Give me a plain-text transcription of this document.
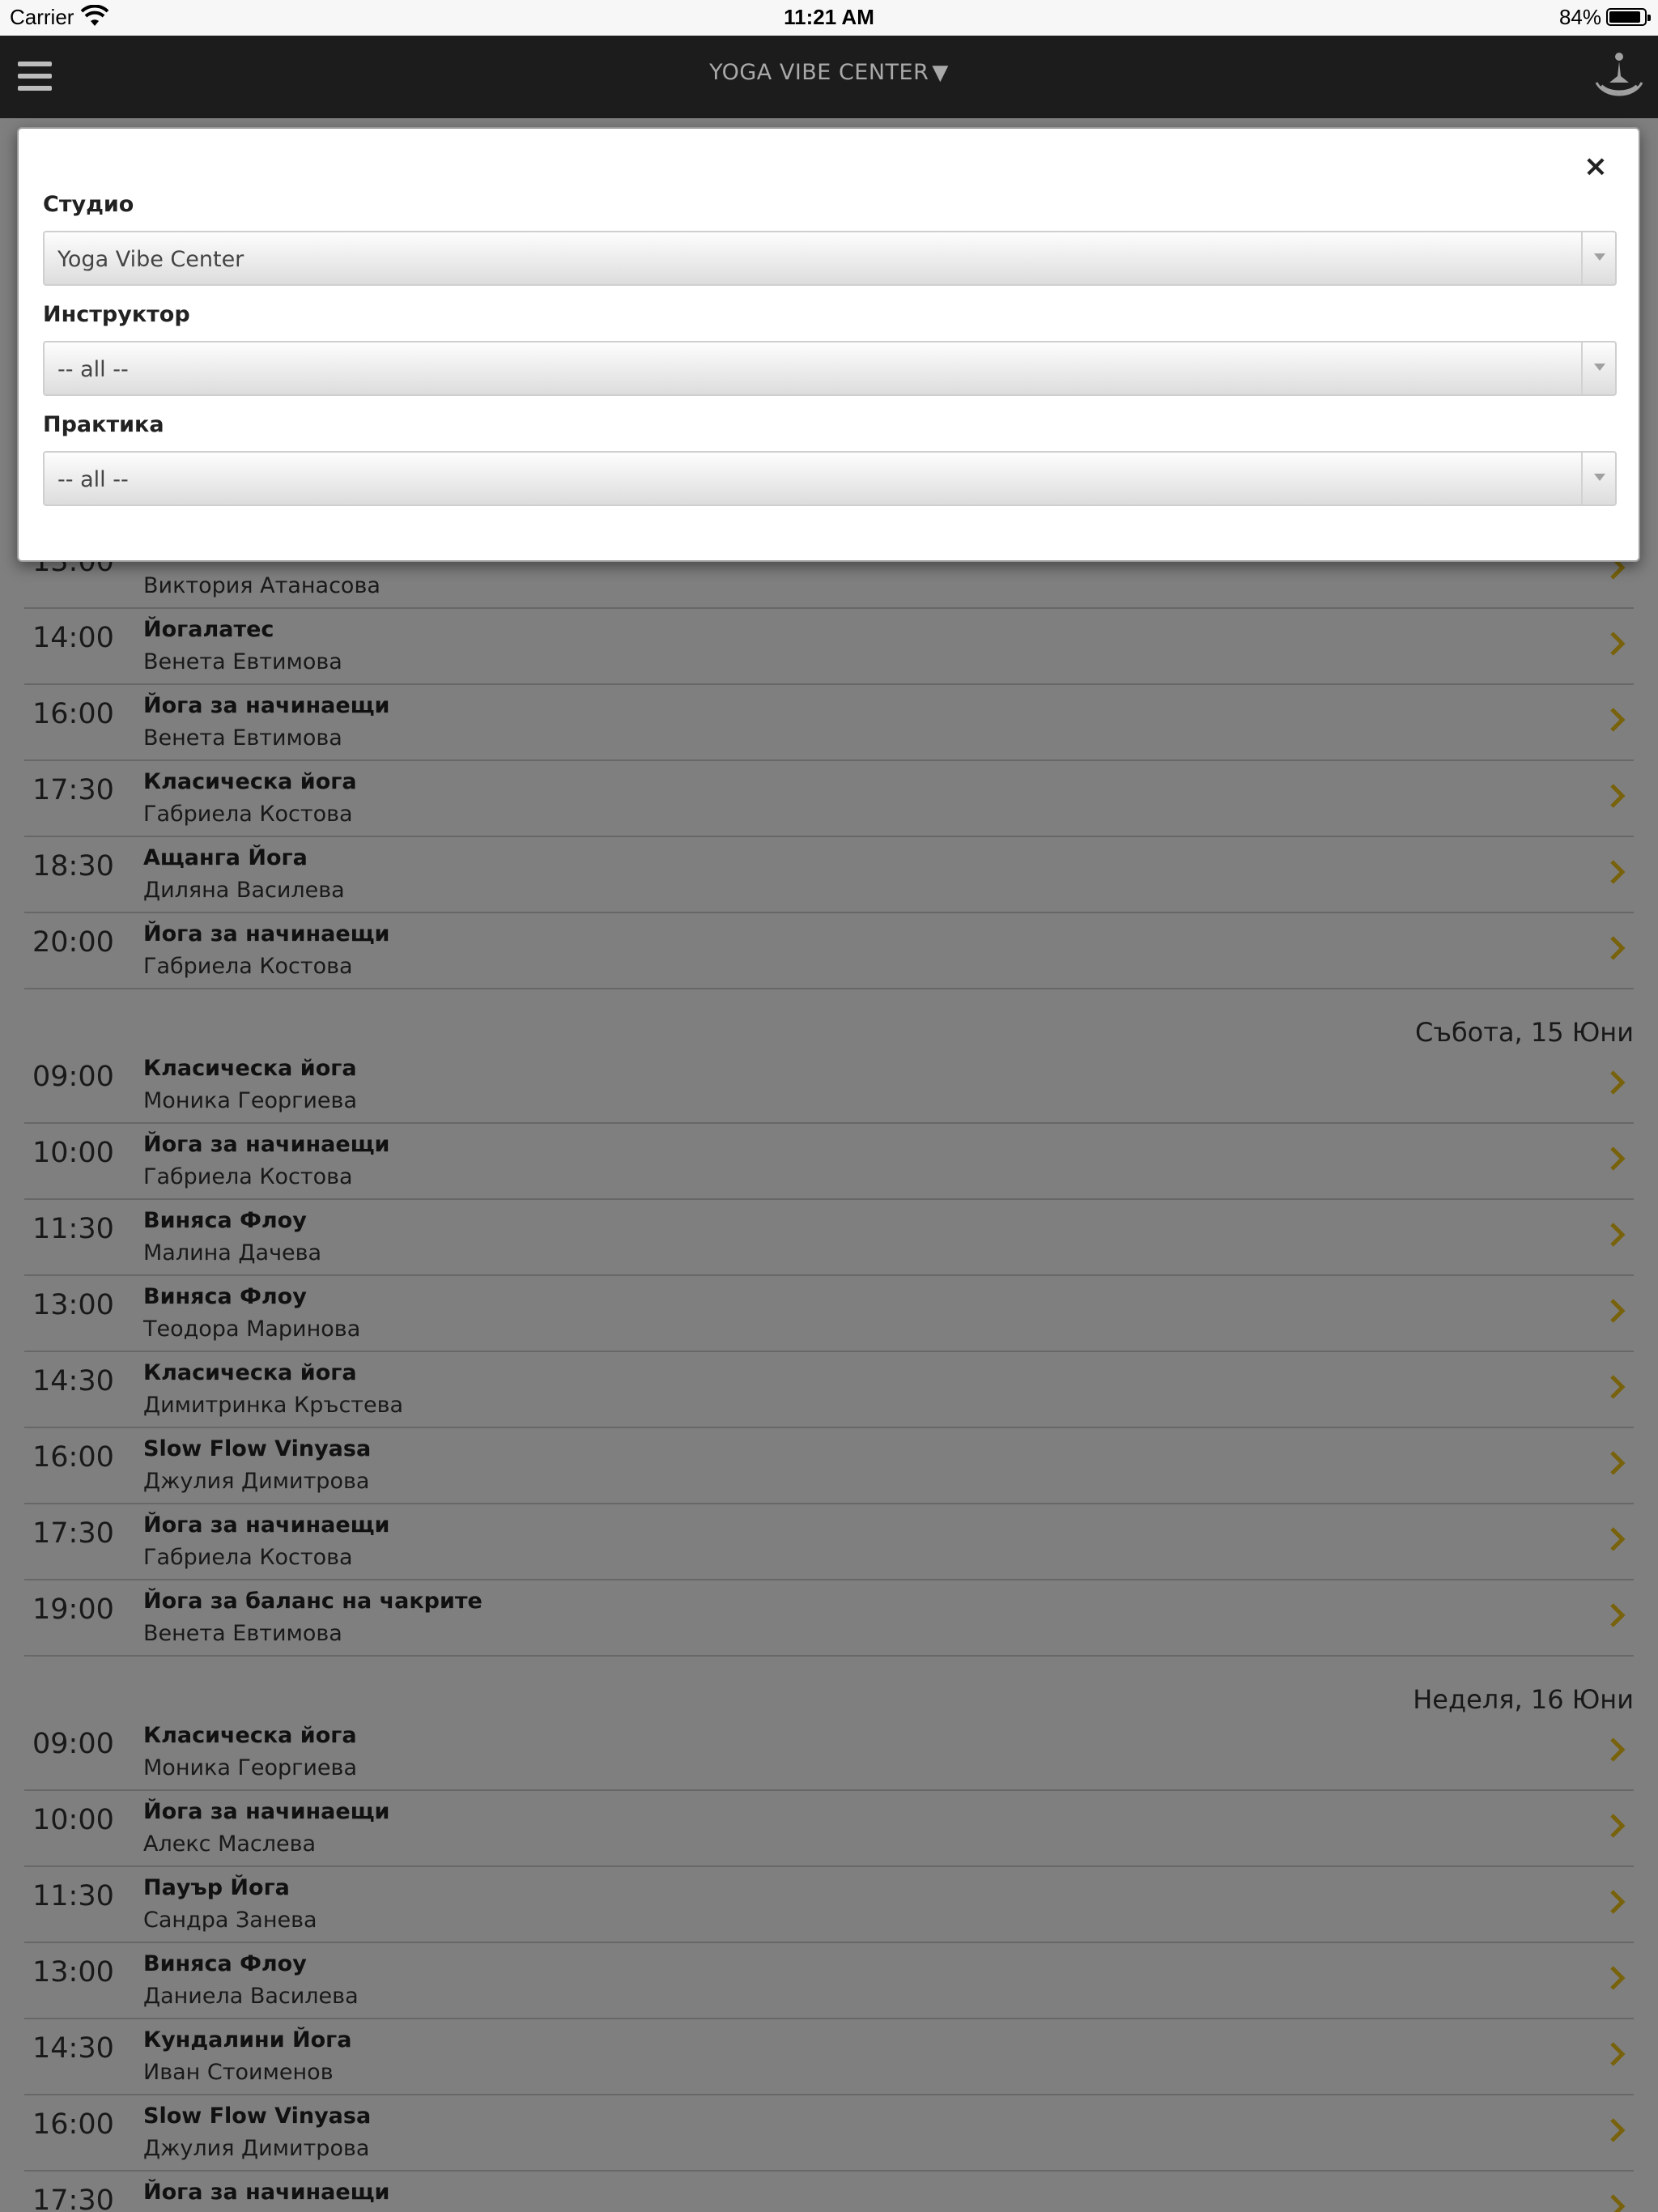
Carrier	11:21 AM	84%
YOGA VIBE CENTER ▼
×
Студио
Yoga Vibe Center
Инструктор
-- all --
Практика
-- all --
